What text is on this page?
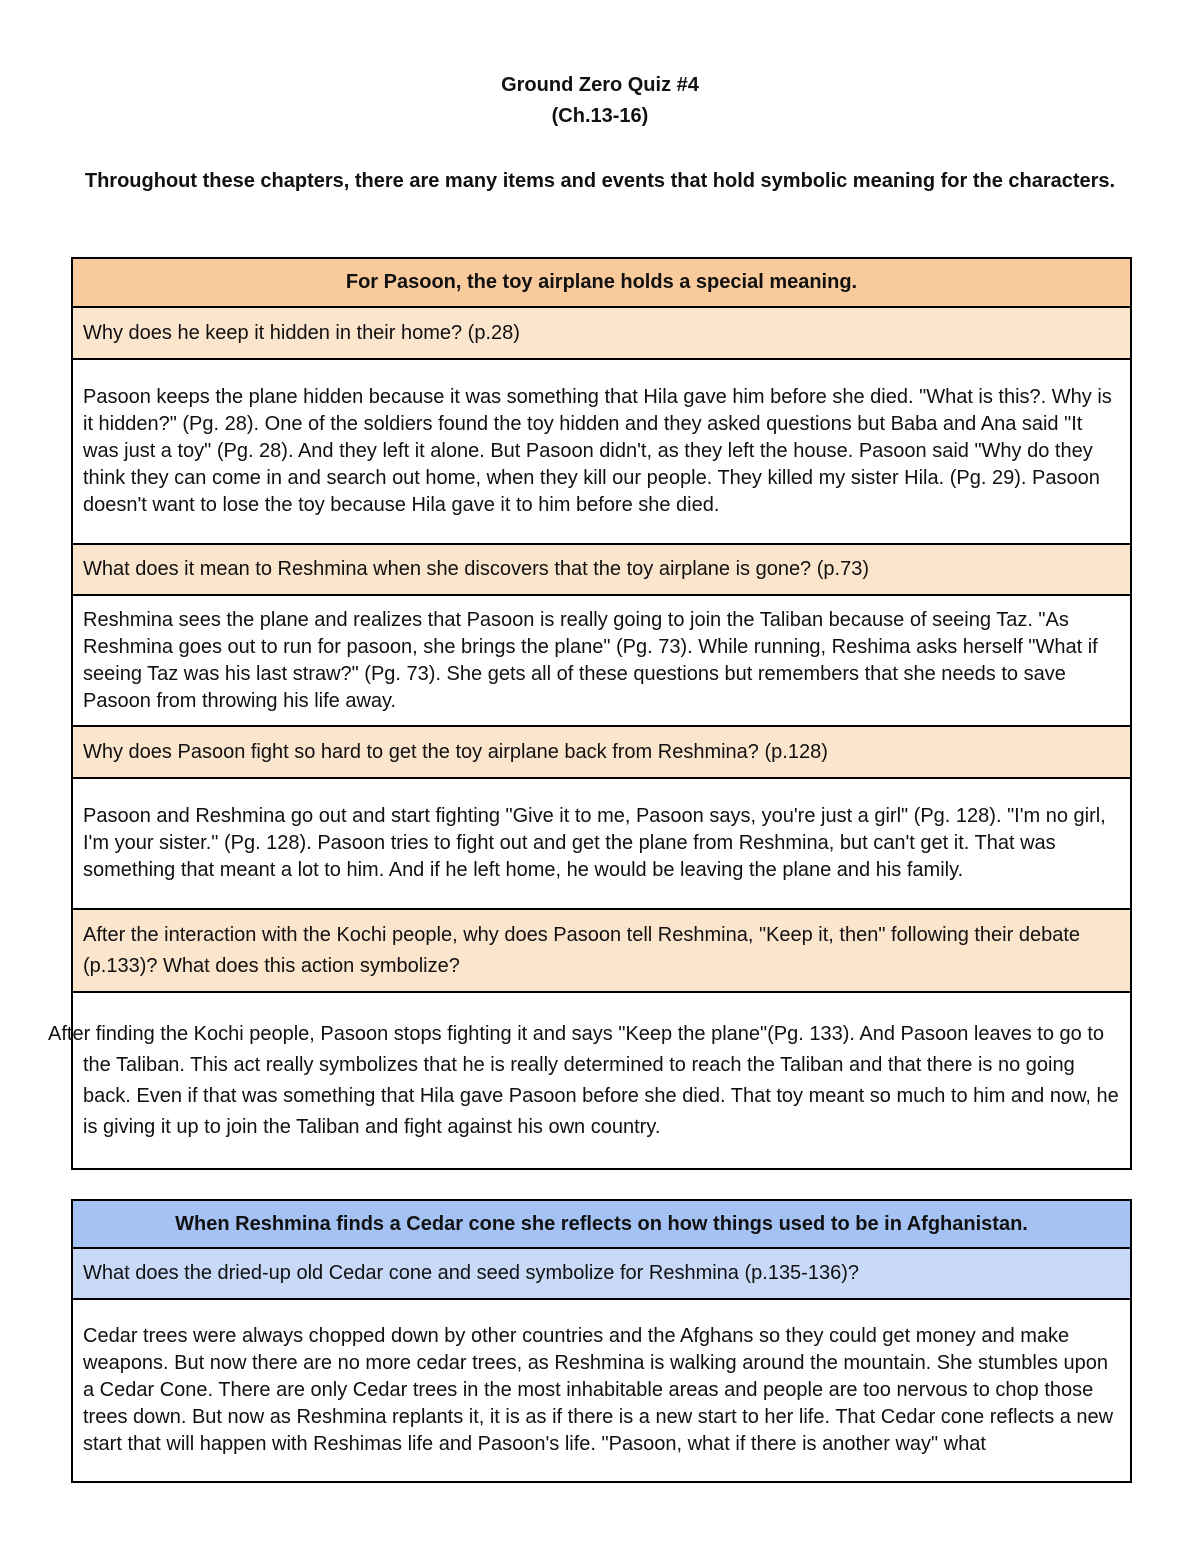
Ground Zero Quiz #4
(Ch.13-16)
Throughout these chapters, there are many items and events that hold symbolic meaning for the characters.
For Pasoon, the toy airplane holds a special meaning.
Why does he keep it hidden in their home? (p.28)
Pasoon keeps the plane hidden because it was something that Hila gave him before she died. "What is this?. Why is it hidden?" (Pg. 28). One of the soldiers found the toy hidden and they asked questions but Baba and Ana said "It was just a toy" (Pg. 28). And they left it alone. But Pasoon didn't, as they left the house. Pasoon said "Why do they think they can come in and search out home, when they kill our people. They killed my sister Hila. (Pg. 29). Pasoon doesn't want to lose the toy because Hila gave it to him before she died.
What does it mean to Reshmina when she discovers that the toy airplane is gone? (p.73)
Reshmina sees the plane and realizes that Pasoon is really going to join the Taliban because of seeing Taz. "As Reshmina goes out to run for pasoon, she brings the plane" (Pg. 73). While running, Reshima asks herself "What if seeing Taz was his last straw?" (Pg. 73). She gets all of these questions but remembers that she needs to save Pasoon from throwing his life away.
Why does Pasoon fight so hard to get the toy airplane back from Reshmina? (p.128)
Pasoon and Reshmina go out and start fighting "Give it to me, Pasoon says, you're just a girl" (Pg. 128). "I'm no girl, I'm your sister." (Pg. 128). Pasoon tries to fight out and get the plane from Reshmina, but can't get it. That was something that meant a lot to him. And if he left home, he would be leaving the plane and his family.
After the interaction with the Kochi people, why does Pasoon tell Reshmina, "Keep it, then" following their debate (p.133)? What does this action symbolize?
After finding the Kochi people, Pasoon stops fighting it and says "Keep the plane"(Pg. 133). And Pasoon leaves to go to the Taliban. This act really symbolizes that he is really determined to reach the Taliban and that there is no going back. Even if that was something that Hila gave Pasoon before she died. That toy meant so much to him and now, he is giving it up to join the Taliban and fight against his own country.
When Reshmina finds a Cedar cone she reflects on how things used to be in Afghanistan.
What does the dried-up old Cedar cone and seed symbolize for Reshmina (p.135-136)?
Cedar trees were always chopped down by other countries and the Afghans so they could get money and make weapons. But now there are no more cedar trees, as Reshmina is walking around the mountain. She stumbles upon a Cedar Cone. There are only Cedar trees in the most inhabitable areas and people are too nervous to chop those trees down. But now as Reshmina replants it, it is as if there is a new start to her life. That Cedar cone reflects a new start that will happen with Reshimas life and Pasoon's life. "Pasoon, what if there is another way" what
